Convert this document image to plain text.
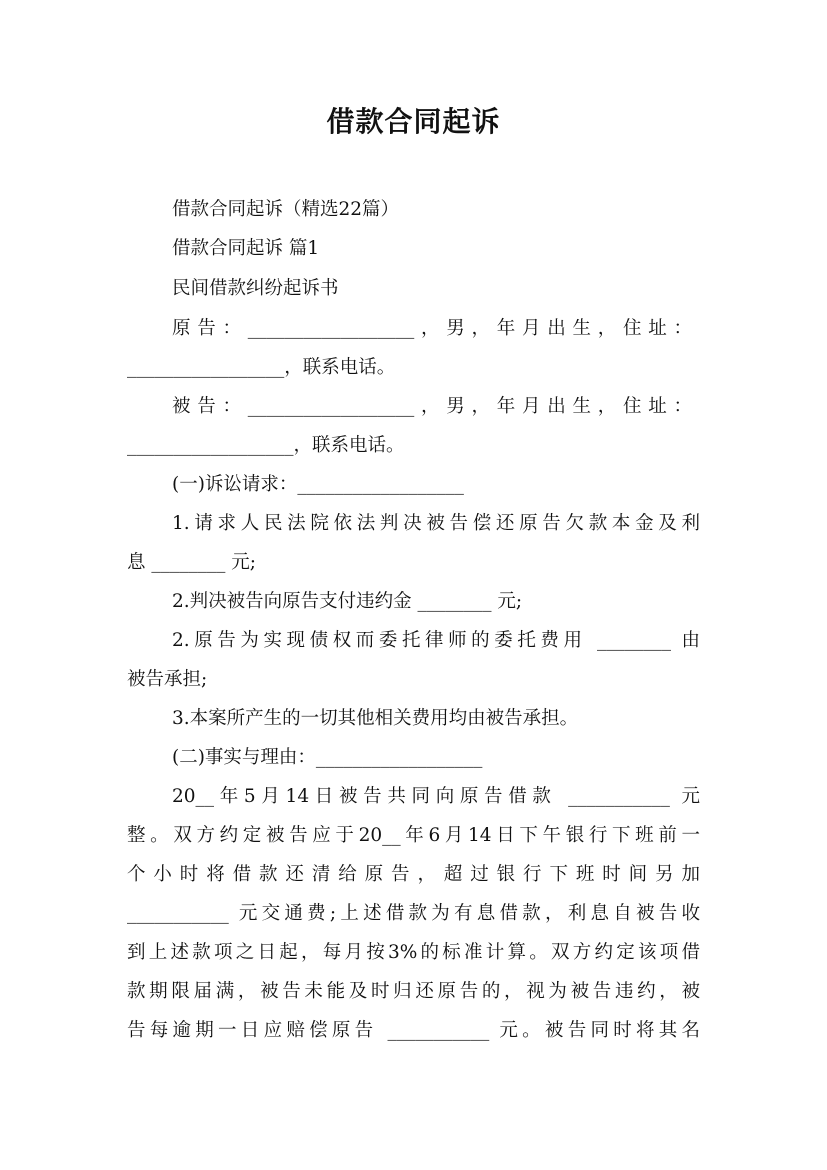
借款合同起诉
借款合同起诉（精选22篇）
借款合同起诉 篇1
民间借款纠纷起诉书
原告：__________________，男，年月出生，住址：
_________________，联系电话。
被告：__________________，男，年月出生，住址：
__________________，联系电话。
(一)诉讼请求：__________________
1.请求人民法院依法判决被告偿还原告欠款本金及利
息 ________ 元;
2.判决被告向原告支付违约金 ________ 元;
2.原告为实现债权而委托律师的委托费用 ________ 由
被告承担;
3.本案所产生的一切其他相关费用均由被告承担。
(二)事实与理由：__________________
20__年5月14日被告共同向原告借款 ___________ 元
整。双方约定被告应于20__年6月14日下午银行下班前一
个小时将借款还清给原告，超过银行下班时间另加
___________ 元交通费;上述借款为有息借款，利息自被告收
到上述款项之日起，每月按3%的标准计算。双方约定该项借
款期限届满，被告未能及时归还原告的，视为被告违约，被
告每逾期一日应赔偿原告 ___________ 元。被告同时将其名
